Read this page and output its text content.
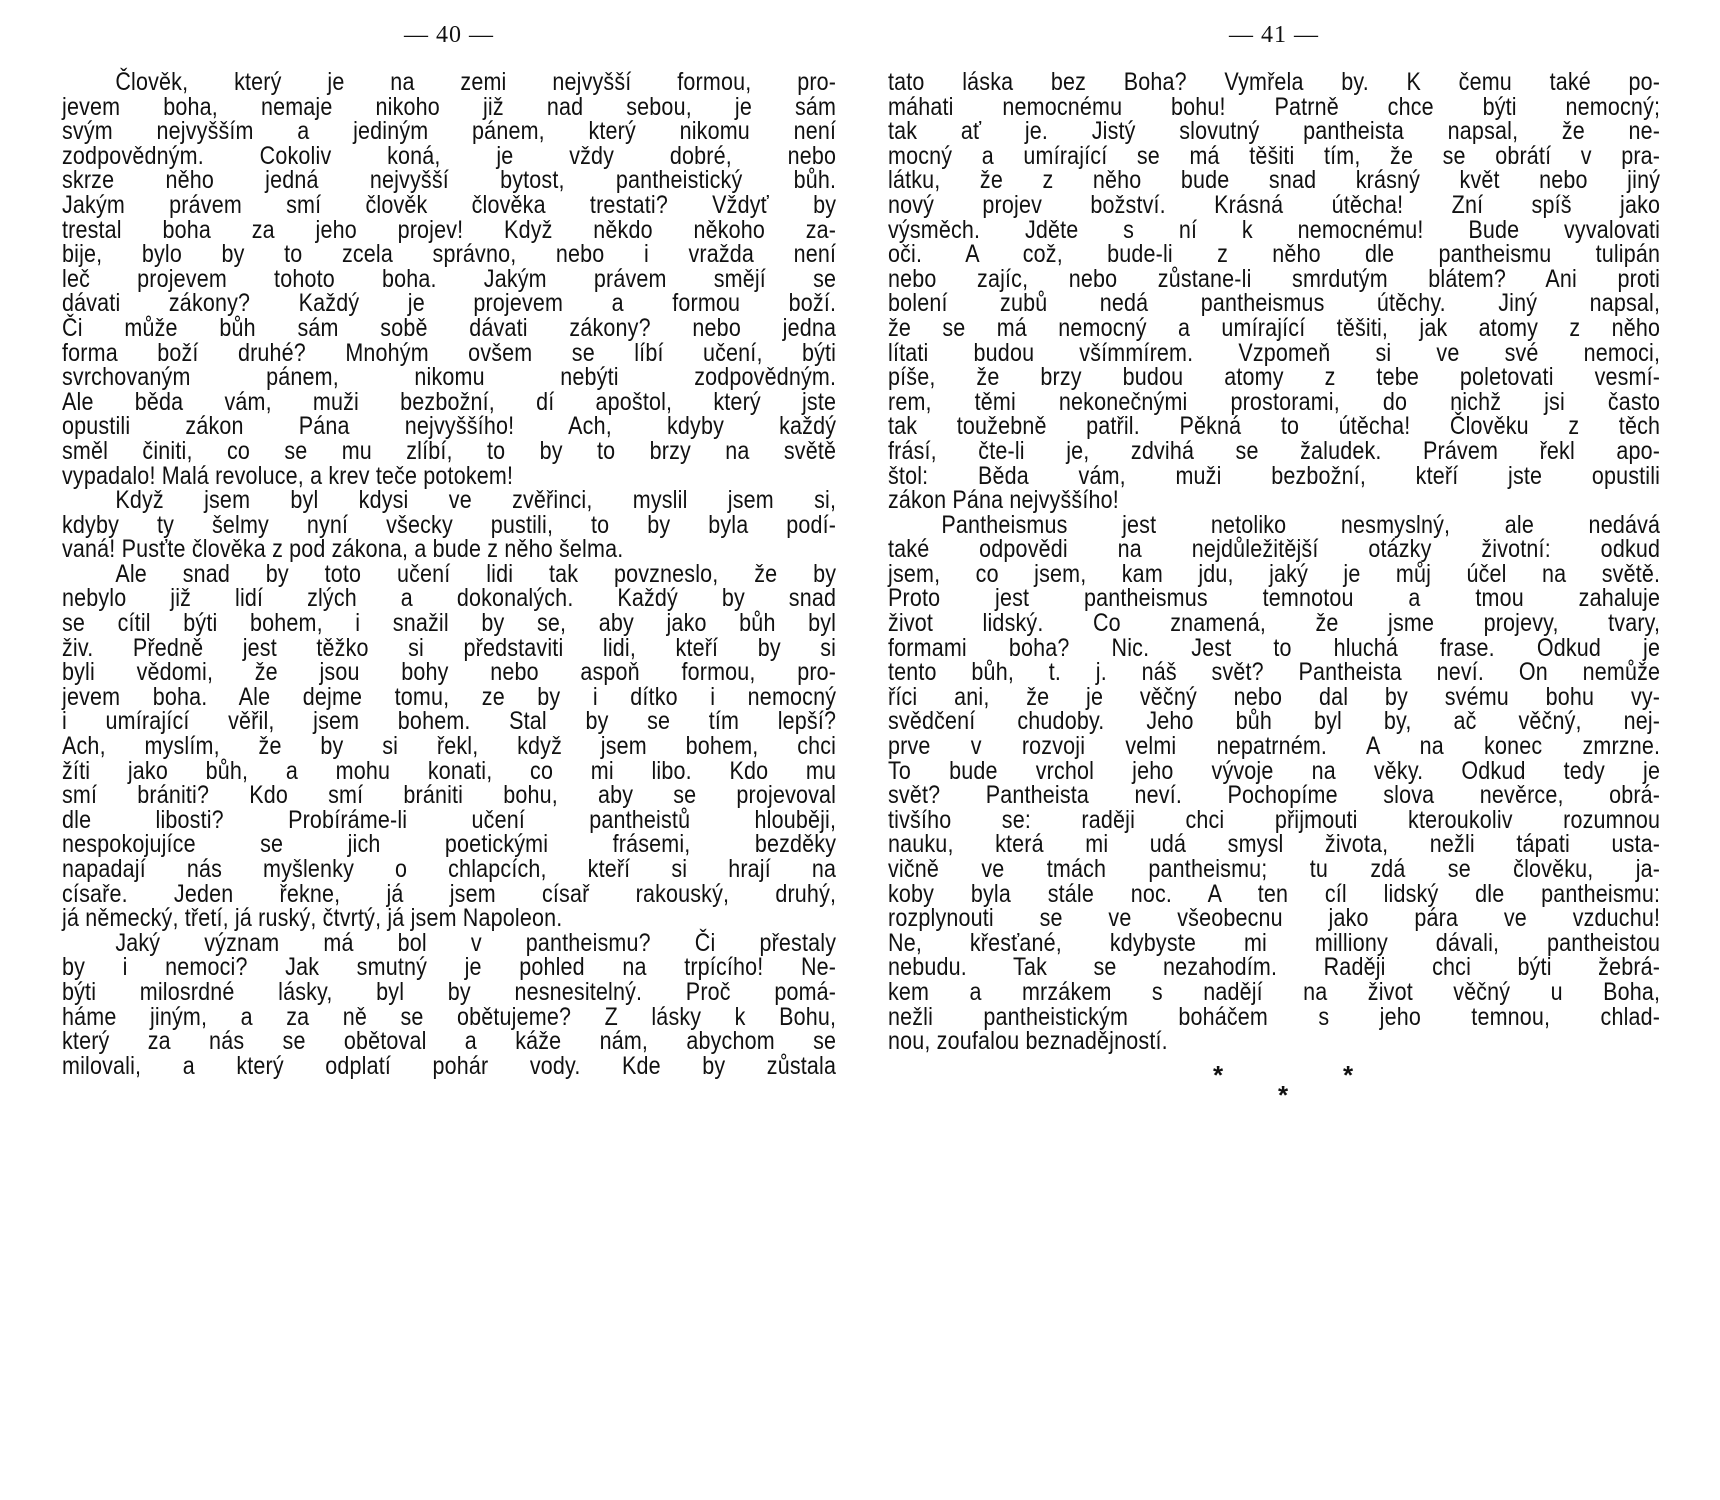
— 40 —
Člověk, který je na zemi nejvyšší formou, pro-
jevem boha, nemaje nikoho již nad sebou, je sám
svým nejvyšším a jediným pánem, který nikomu není
zodpovědným. Cokoliv koná, je vždy dobré, nebo
skrze něho jedná nejvyšší bytost, pantheistický bůh.
Jakým právem smí člověk člověka trestati? Vždyť by
trestal boha za jeho projev! Když někdo někoho za-
bije, bylo by to zcela správno, nebo i vražda není
leč projevem tohoto boha. Jakým právem smějí se
dávati zákony? Každý je projevem a formou boží.
Či může bůh sám sobě dávati zákony? nebo jedna
forma boží druhé? Mnohým ovšem se líbí učení, býti
svrchovaným pánem, nikomu nebýti zodpovědným.
Ale běda vám, muži bezbožní, dí apoštol, který jste
opustili zákon Pána nejvyššího! Ach, kdyby každý
směl činiti, co se mu zlíbí, to by to brzy na světě
vypadalo! Malá revoluce, a krev teče potokem!
Když jsem byl kdysi ve zvěřinci, myslil jsem si,
kdyby ty šelmy nyní všecky pustili, to by byla podí-
vaná! Pusťte člověka z pod zákona, a bude z něho šelma.
Ale snad by toto učení lidi tak povzneslo, že by
nebylo již lidí zlých a dokonalých. Každý by snad
se cítil býti bohem, i snažil by se, aby jako bůh byl
živ. Předně jest těžko si představiti lidi, kteří by si
byli vědomi, že jsou bohy nebo aspoň formou, pro-
jevem boha. Ale dejme tomu, ze by i dítko i nemocný
i umírající věřil, jsem bohem. Stal by se tím lepší?
Ach, myslím, že by si řekl, když jsem bohem, chci
žíti jako bůh, a mohu konati, co mi libo. Kdo mu
smí brániti? Kdo smí brániti bohu, aby se projevoval
dle libosti? Probíráme-li učení pantheistů hlouběji,
nespokojujíce se jich poetickými frásemi, bezděky
napadají nás myšlenky o chlapcích, kteří si hrají na
císaře. Jeden řekne, já jsem císař rakouský, druhý,
já německý, třetí, já ruský, čtvrtý, já jsem Napoleon.
Jaký význam má bol v pantheismu? Či přestaly
by i nemoci? Jak smutný je pohled na trpícího! Ne-
býti milosrdné lásky, byl by nesnesitelný. Proč pomá-
háme jiným, a za ně se obětujeme? Z lásky k Bohu,
který za nás se obětoval a káže nám, abychom se
milovali, a který odplatí pohár vody. Kde by zůstala
— 41 —
tato láska bez Boha? Vymřela by. K čemu také po-
máhati nemocnému bohu! Patrně chce býti nemocný;
tak ať je. Jistý slovutný pantheista napsal, že ne-
mocný a umírající se má těšiti tím, že se obrátí v pra-
látku, že z něho bude snad krásný květ nebo jiný
nový projev božství. Krásná útěcha! Zní spíš jako
výsměch. Jděte s ní k nemocnému! Bude vyvalovati
oči. A což, bude-li z něho dle pantheismu tulipán
nebo zajíc, nebo zůstane-li smrdutým blátem? Ani proti
bolení zubů nedá pantheismus útěchy. Jiný napsal,
že se má nemocný a umírající těšiti, jak atomy z něho
lítati budou všímmírem. Vzpomeň si ve své nemoci,
píše, že brzy budou atomy z tebe poletovati vesmí-
rem, těmi nekonečnými prostorami, do nichž jsi často
tak toužebně patřil. Pěkná to útěcha! Člověku z těch
frásí, čte-li je, zdvihá se žaludek. Právem řekl apo-
štol: Běda vám, muži bezbožní, kteří jste opustili
zákon Pána nejvyššího!
Pantheismus jest netoliko nesmyslný, ale nedává
také odpovědi na nejdůležitější otázky životní: odkud
jsem, co jsem, kam jdu, jaký je můj účel na světě.
Proto jest pantheismus temnotou a tmou zahaluje
život lidský. Co znamená, že jsme projevy, tvary,
formami boha? Nic. Jest to hluchá frase. Odkud je
tento bůh, t. j. náš svět? Pantheista neví. On nemůže
říci ani, že je věčný nebo dal by svému bohu vy-
svědčení chudoby. Jeho bůh byl by, ač věčný, nej-
prve v rozvoji velmi nepatrném. A na konec zmrzne.
To bude vrchol jeho vývoje na věky. Odkud tedy je
svět? Pantheista neví. Pochopíme slova nevěrce, obrá-
tivšího se: raději chci přijmouti kteroukoliv rozumnou
nauku, která mi udá smysl života, nežli tápati usta-
vičně ve tmách pantheismu; tu zdá se člověku, ja-
koby byla stále noc. A ten cíl lidský dle pantheismu:
rozplynouti se ve všeobecnu jako pára ve vzduchu!
Ne, křesťané, kdybyste mi milliony dávali, pantheistou
nebudu. Tak se nezahodím. Raději chci býti žebrá-
kem a mrzákem s nadějí na život věčný u Boha,
nežli pantheistickým boháčem s jeho temnou, chlad-
nou, zoufalou beznadějností.
*	*
*
